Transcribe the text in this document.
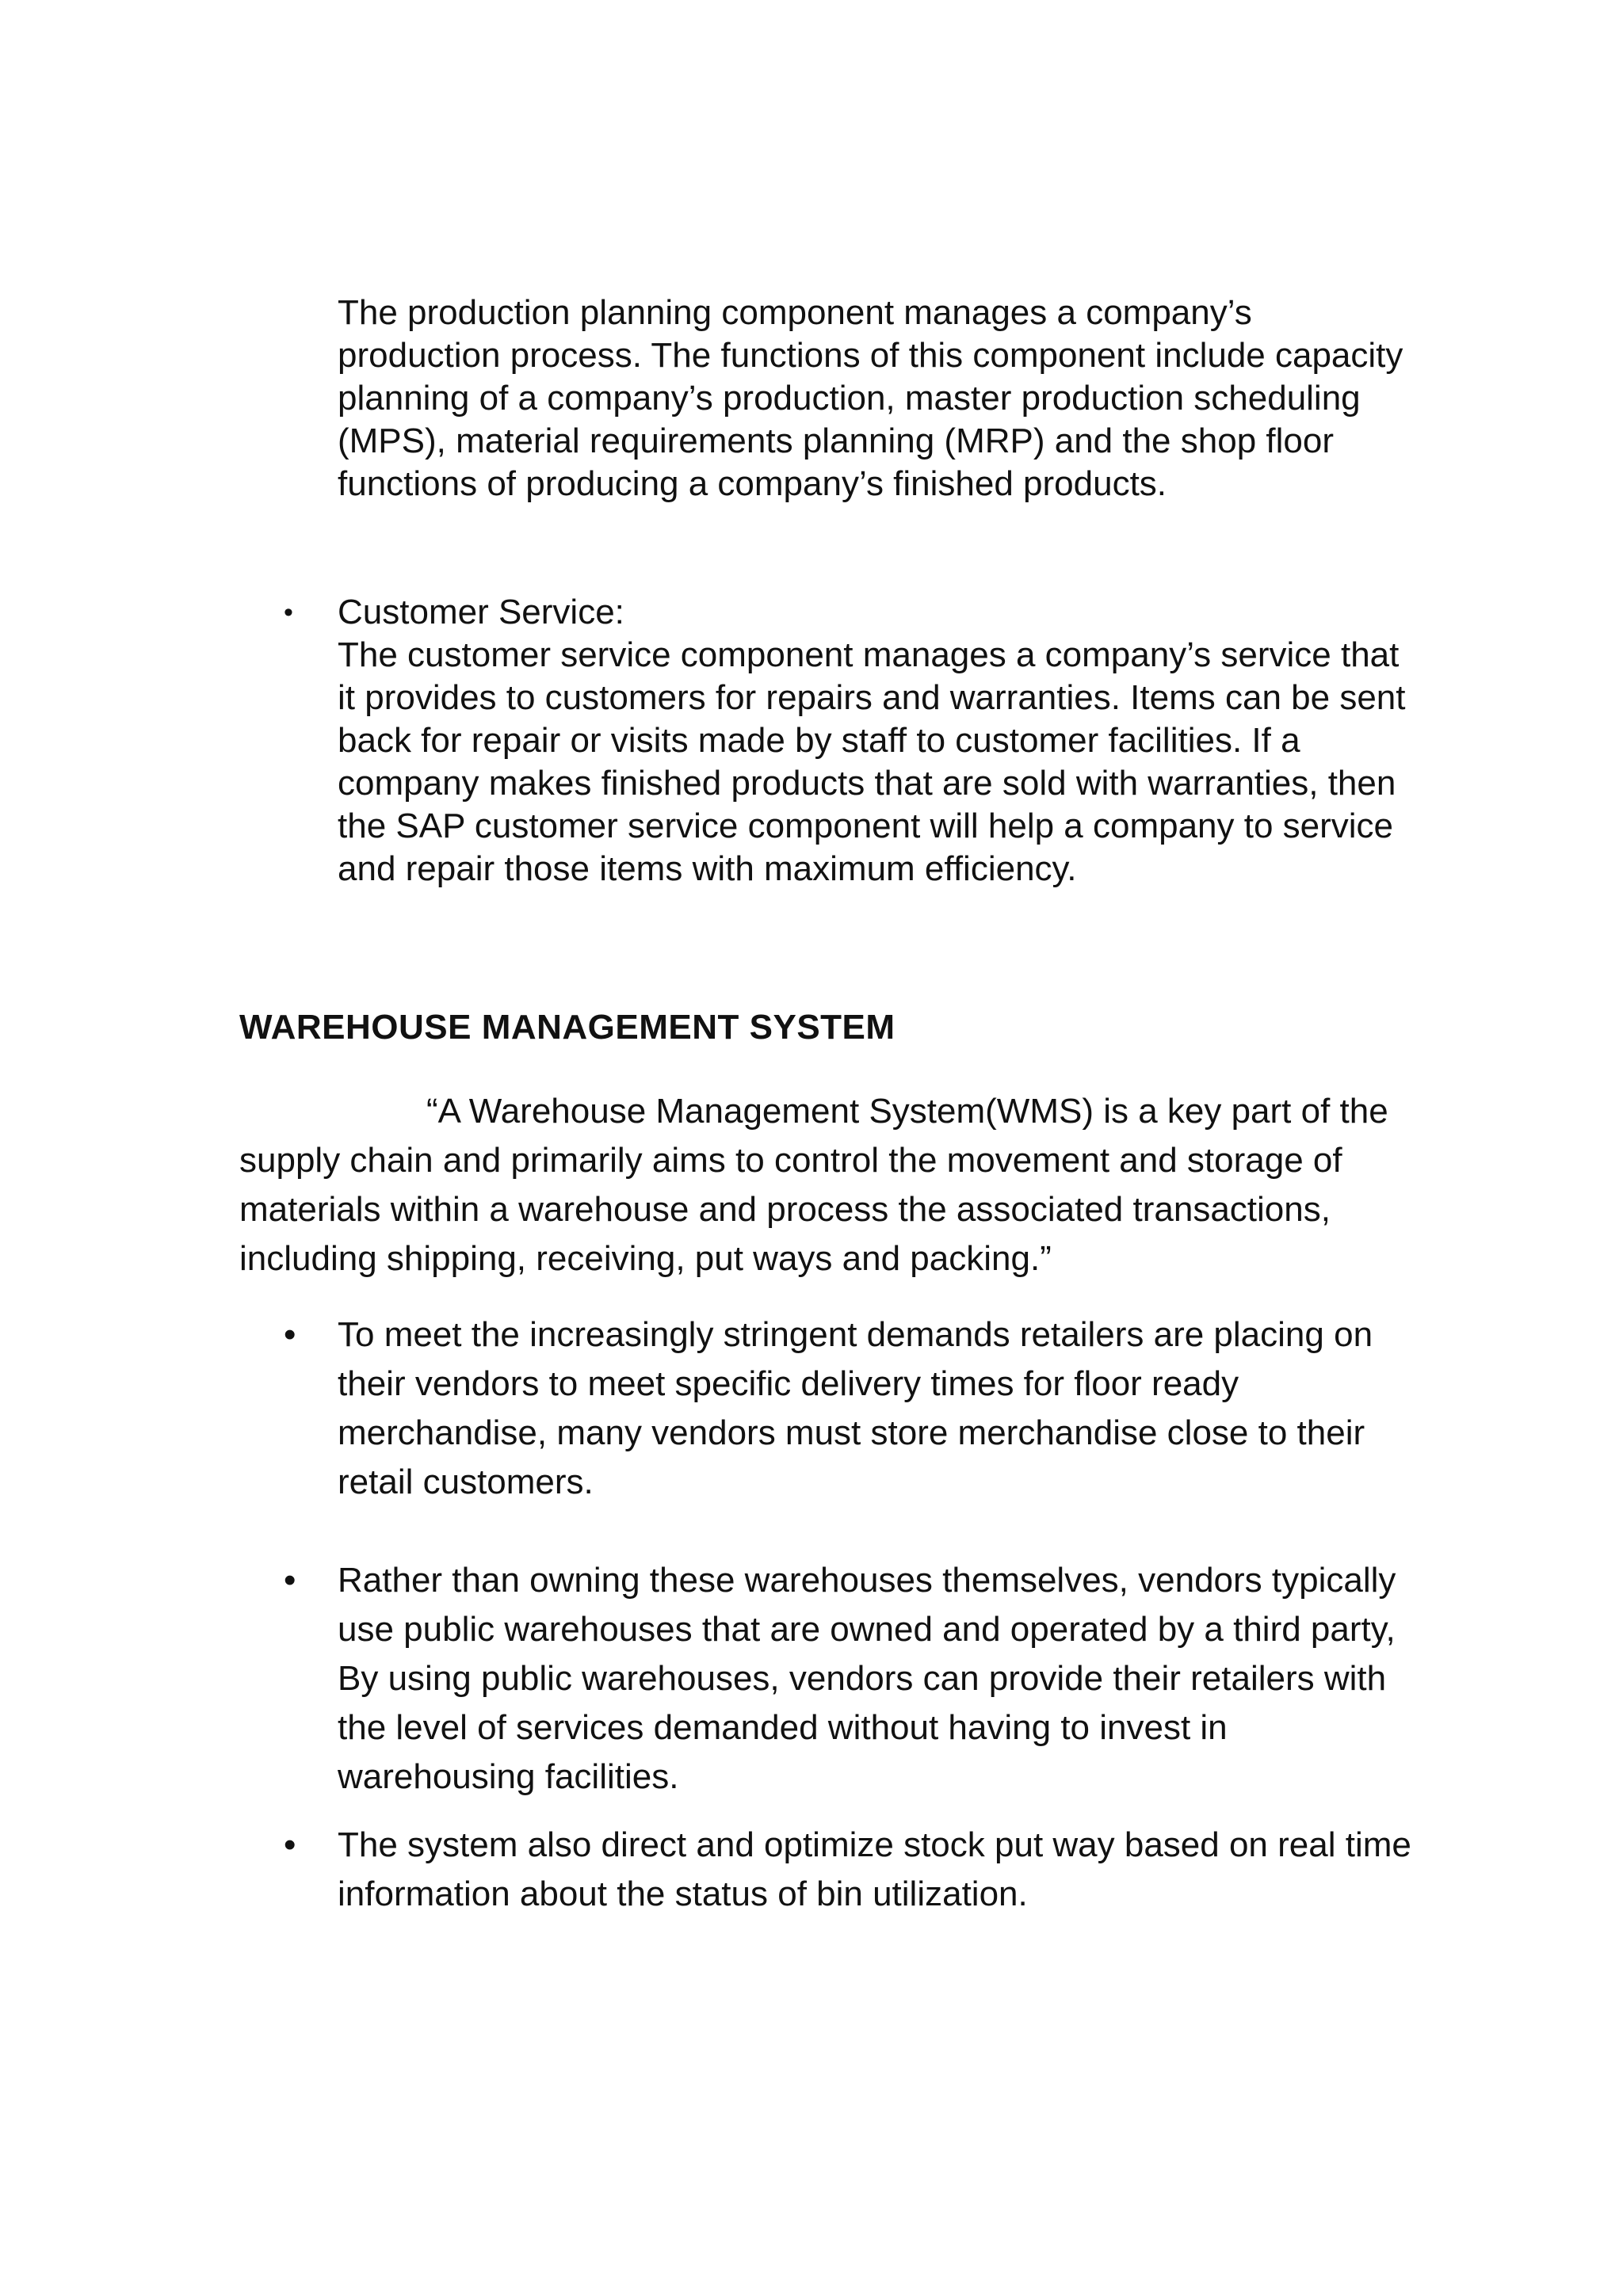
The production planning component manages a company’s production process. The functions of this component include capacity planning of a company’s production, master production scheduling (MPS), material requirements planning (MRP) and the shop floor functions of producing a company’s finished products.

• Customer Service:

The customer service component manages a company’s service that it provides to customers for repairs and warranties. Items can be sent back for repair or visits made by staff to customer facilities. If a company makes finished products that are sold with warranties, then the SAP customer service component will help a company to service and repair those items with maximum efficiency.

WAREHOUSE MANAGEMENT SYSTEM

“A Warehouse Management System(WMS) is a key part of the supply chain and primarily aims to control the movement and storage of materials within a warehouse and process the associated transactions, including shipping, receiving, put ways and packing.”

• To meet the increasingly stringent demands retailers are placing on their vendors to meet specific delivery times for floor ready merchandise, many vendors must store merchandise close to their retail customers.
• Rather than owning these warehouses themselves, vendors typically use public warehouses that are owned and operated by a third party, By using public warehouses, vendors can provide their retailers with the level of services demanded without having to invest in warehousing facilities.
• The system also direct and optimize stock put way based on real time information about the status of bin utilization.
